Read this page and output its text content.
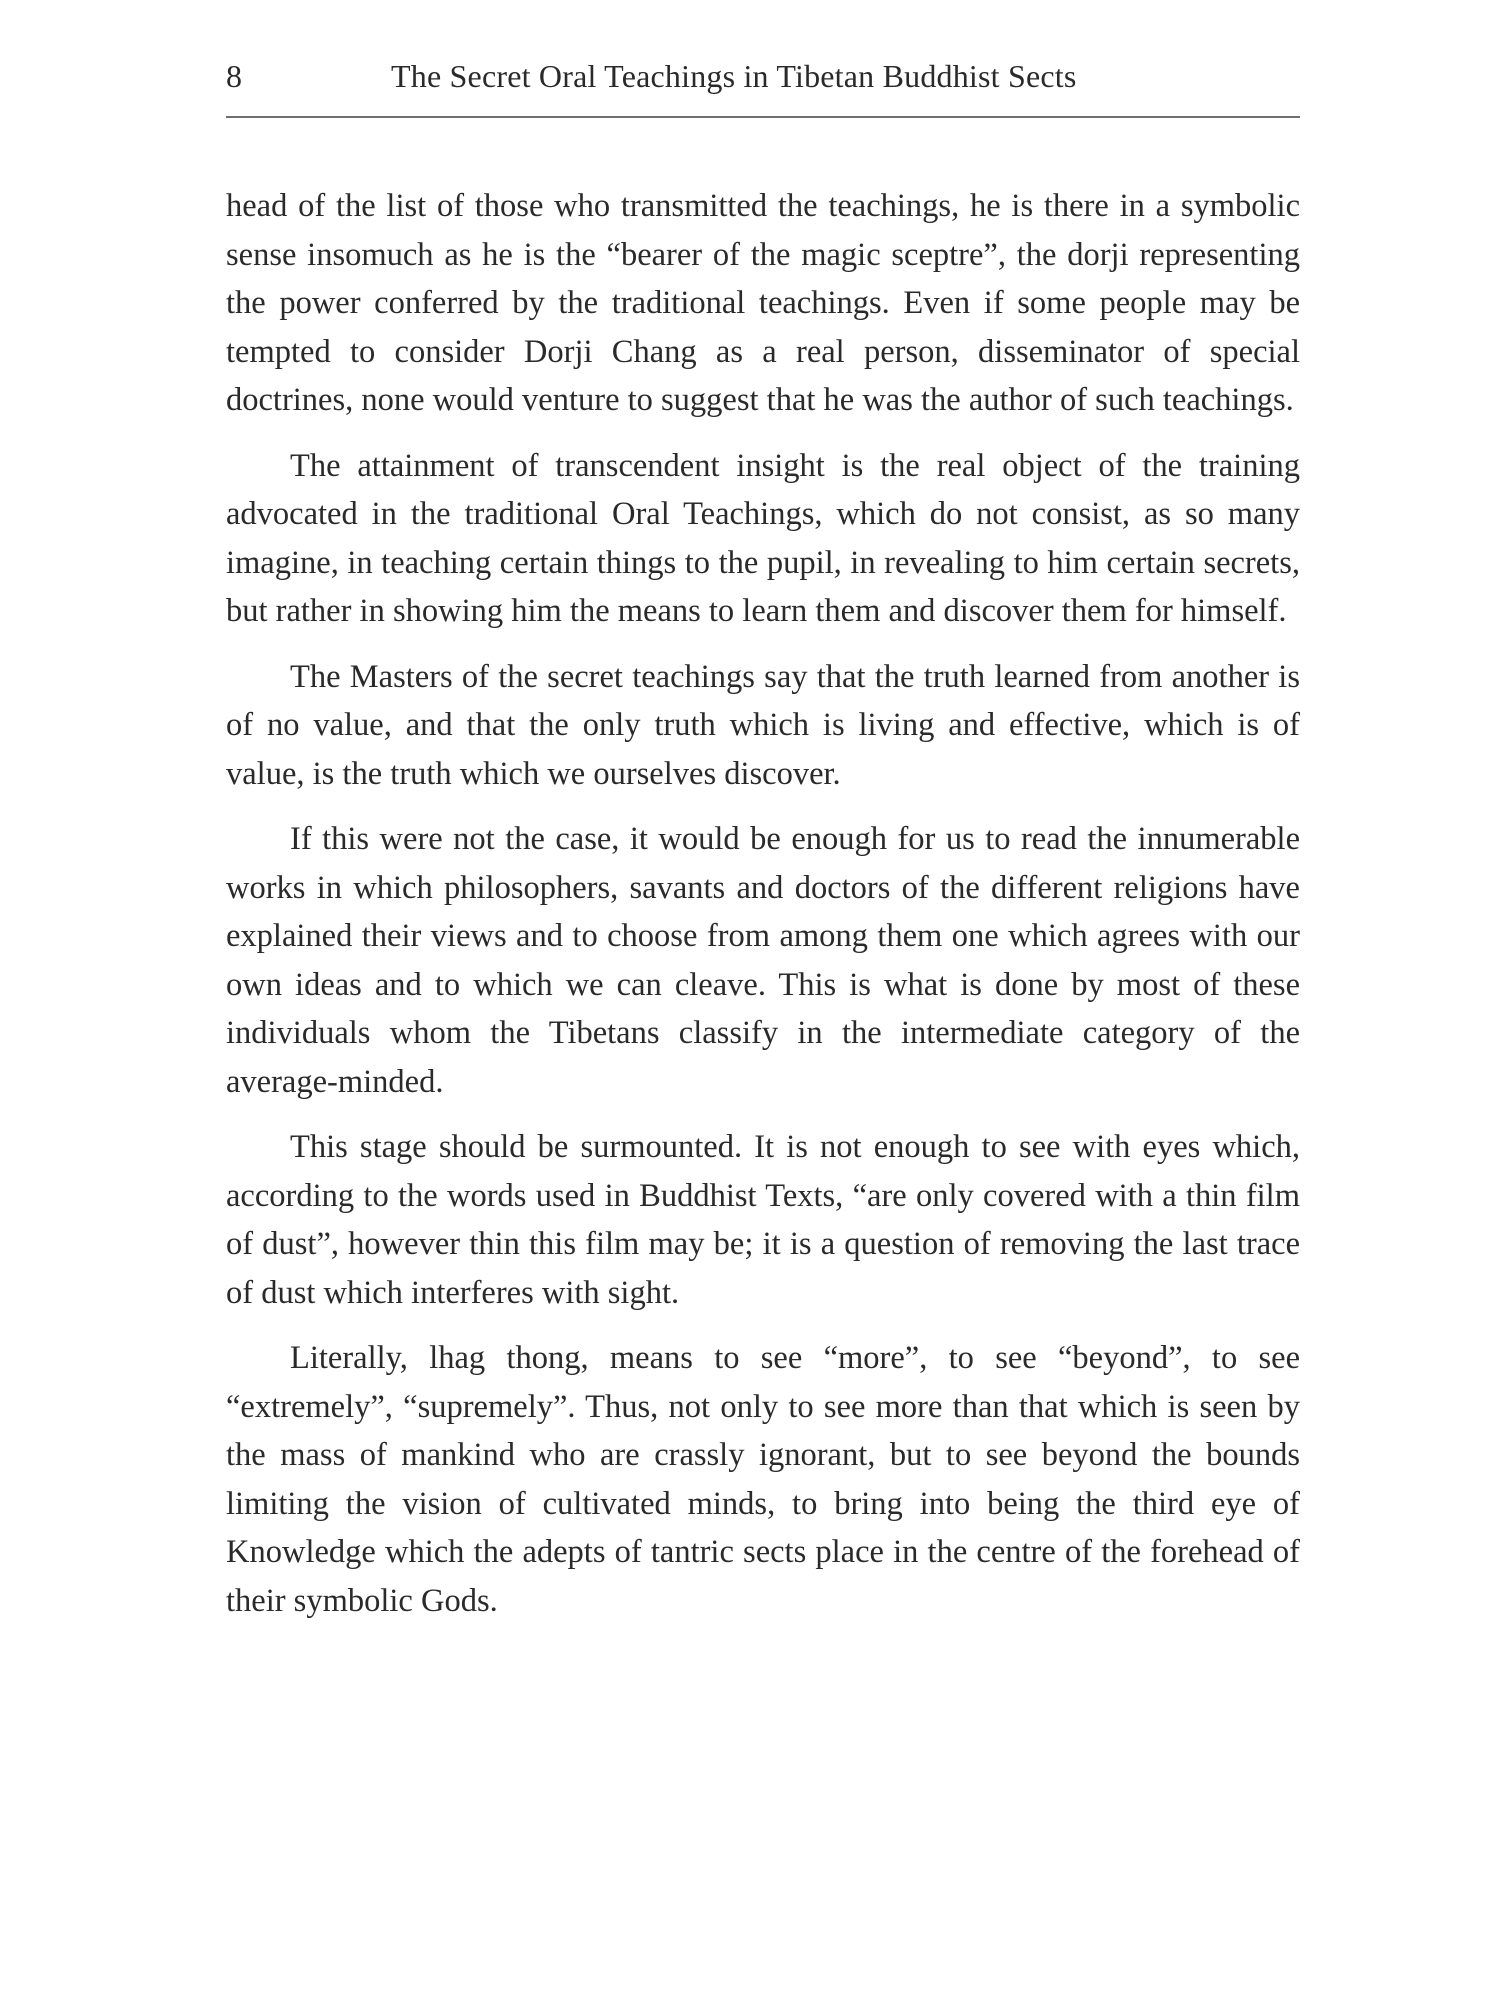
8	The Secret Oral Teachings in Tibetan Buddhist Sects

head of the list of those who transmitted the teachings, he is there in a symbolic sense insomuch as he is the “bearer of the magic sceptre”, the dorji representing the power conferred by the traditional teachings. Even if some people may be tempted to consider Dorji Chang as a real person, disseminator of special doctrines, none would venture to suggest that he was the author of such teachings.

The attainment of transcendent insight is the real object of the training advocated in the traditional Oral Teachings, which do not consist, as so many imagine, in teaching certain things to the pupil, in revealing to him certain secrets, but rather in showing him the means to learn them and discover them for himself.

The Masters of the secret teachings say that the truth learned from another is of no value, and that the only truth which is living and effective, which is of value, is the truth which we ourselves discover.

If this were not the case, it would be enough for us to read the innumerable works in which philosophers, savants and doctors of the different religions have explained their views and to choose from among them one which agrees with our own ideas and to which we can cleave. This is what is done by most of these individuals whom the Tibetans classify in the intermediate category of the average-minded.

This stage should be surmounted. It is not enough to see with eyes which, according to the words used in Buddhist Texts, “are only covered with a thin film of dust”, however thin this film may be; it is a question of removing the last trace of dust which interferes with sight.

Literally, lhag thong, means to see “more”, to see “beyond”, to see “extremely”, “supremely”. Thus, not only to see more than that which is seen by the mass of mankind who are crassly ignorant, but to see beyond the bounds limiting the vision of cultivated minds, to bring into being the third eye of Knowledge which the adepts of tantric sects place in the centre of the forehead of their symbolic Gods.
